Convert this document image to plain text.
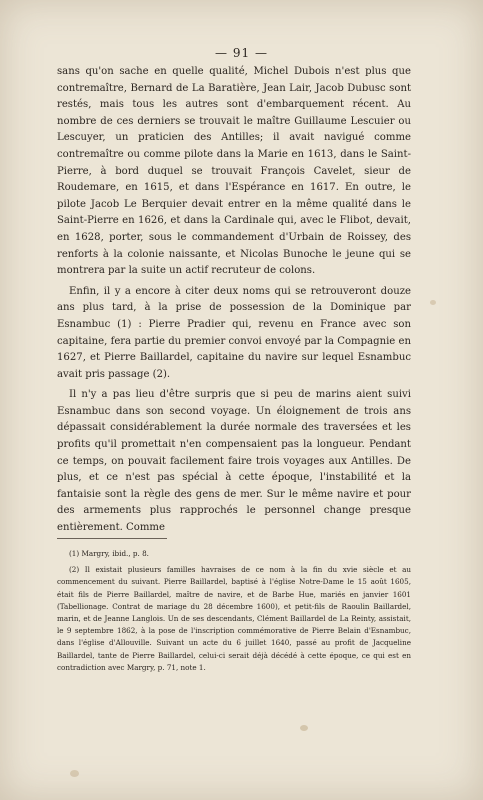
— 91 —

sans qu'on sache en quelle qualité, Michel Dubois n'est plus que contremaître, Bernard de La Baratière, Jean Lair, Jacob Dubusc sont restés, mais tous les autres sont d'embarquement récent. Au nombre de ces derniers se trouvait le maître Guillaume Lescuier ou Lescuyer, un praticien des Antilles; il avait navigué comme contremaître ou comme pilote dans la Marie en 1613, dans le Saint-Pierre, à bord duquel se trouvait François Cavelet, sieur de Roudemare, en 1615, et dans l'Espérance en 1617. En outre, le pilote Jacob Le Berquier devait entrer en la même qualité dans le Saint-Pierre en 1626, et dans la Cardinale qui, avec le Flibot, devait, en 1628, porter, sous le commandement d'Urbain de Roissey, des renforts à la colonie naissante, et Nicolas Bunoche le jeune qui se montrera par la suite un actif recruteur de colons.

Enfin, il y a encore à citer deux noms qui se retrouveront douze ans plus tard, à la prise de possession de la Dominique par Esnambuc (1) : Pierre Pradier qui, revenu en France avec son capitaine, fera partie du premier convoi envoyé par la Compagnie en 1627, et Pierre Baillardel, capitaine du navire sur lequel Esnambuc avait pris passage (2).

Il n'y a pas lieu d'être surpris que si peu de marins aient suivi Esnambuc dans son second voyage. Un éloignement de trois ans dépassait considérablement la durée normale des traversées et les profits qu'il promettait n'en compensaient pas la longueur. Pendant ce temps, on pouvait facilement faire trois voyages aux Antilles. De plus, et ce n'est pas spécial à cette époque, l'instabilité et la fantaisie sont la règle des gens de mer. Sur le même navire et pour des armements plus rapprochés le personnel change presque entièrement. Comme

(1) Margry, ibid., p. 8.

(2) Il existait plusieurs familles havraises de ce nom à la fin du xvie siècle et au commencement du suivant. Pierre Baillardel, baptisé à l'église Notre-Dame le 15 août 1605, était fils de Pierre Baillardel, maître de navire, et de Barbe Hue, mariés en janvier 1601 (Tabellionage. Contrat de mariage du 28 décembre 1600), et petit-fils de Raoulin Baillardel, marin, et de Jeanne Langlois. Un de ses descendants, Clément Baillardel de La Reinty, assistait, le 9 septembre 1862, à la pose de l'inscription commémorative de Pierre Belain d'Esnambuc, dans l'église d'Allouville. Suivant un acte du 6 juillet 1640, passé au profit de Jacqueline Baillardel, tante de Pierre Baillardel, celui-ci serait déjà décédé à cette époque, ce qui est en contradiction avec Margry, p. 71, note 1.
